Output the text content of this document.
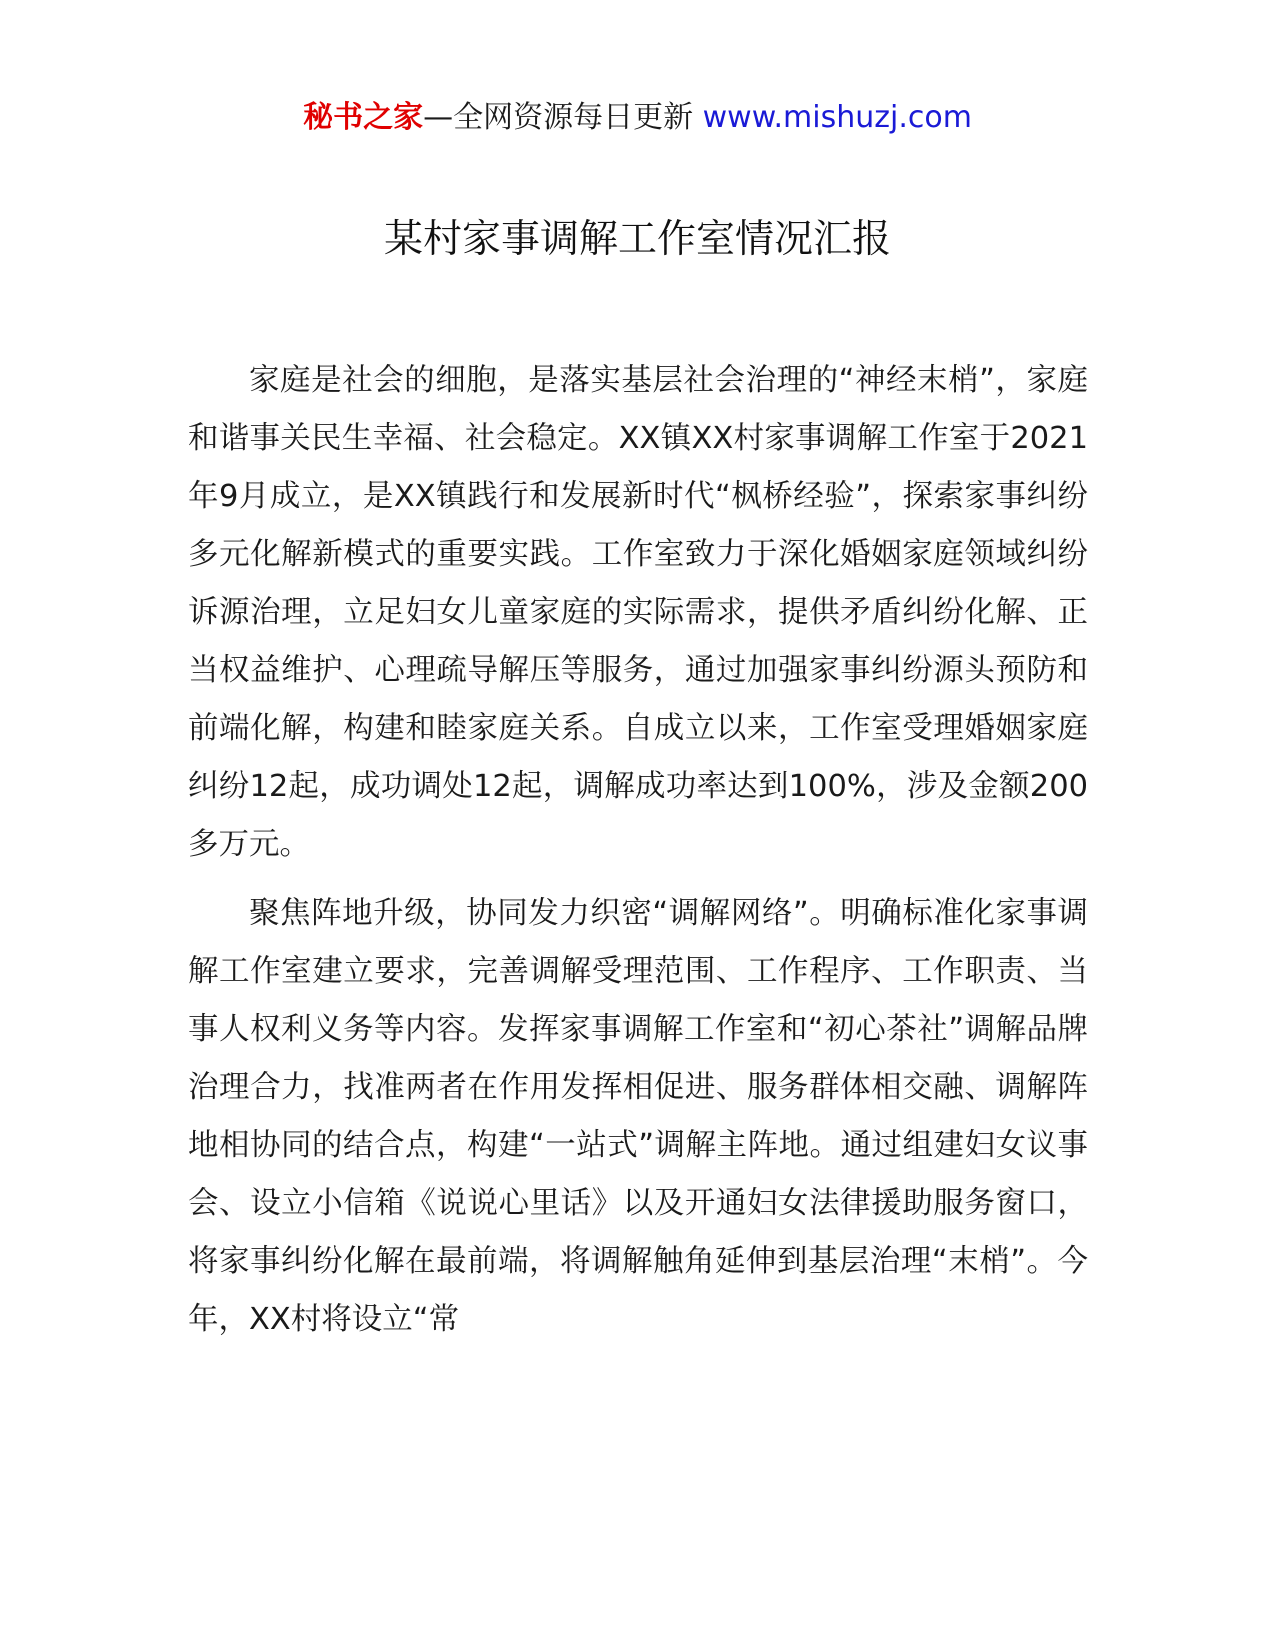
秘书之家—全网资源每日更新 www.mishuzj.com
某村家事调解工作室情况汇报

家庭是社会的细胞，是落实基层社会治理的“神经末梢”，家庭和谐事关民生幸福、社会稳定。XX镇XX村家事调解工作室于2021年9月成立，是XX镇践行和发展新时代“枫桥经验”，探索家事纠纷多元化解新模式的重要实践。工作室致力于深化婚姻家庭领域纠纷诉源治理，立足妇女儿童家庭的实际需求，提供矛盾纠纷化解、正当权益维护、心理疏导解压等服务，通过加强家事纠纷源头预防和前端化解，构建和睦家庭关系。自成立以来，工作室受理婚姻家庭纠纷12起，成功调处12起，调解成功率达到100%，涉及金额200多万元。

聚焦阵地升级，协同发力织密“调解网络”。明确标准化家事调解工作室建立要求，完善调解受理范围、工作程序、工作职责、当事人权利义务等内容。发挥家事调解工作室和“初心茶社”调解品牌治理合力，找准两者在作用发挥相促进、服务群体相交融、调解阵地相协同的结合点，构建“一站式”调解主阵地。通过组建妇女议事会、设立小信箱《说说心里话》以及开通妇女法律援助服务窗口，将家事纠纷化解在最前端，将调解触角延伸到基层治理“末梢”。今年，XX村将设立“常
